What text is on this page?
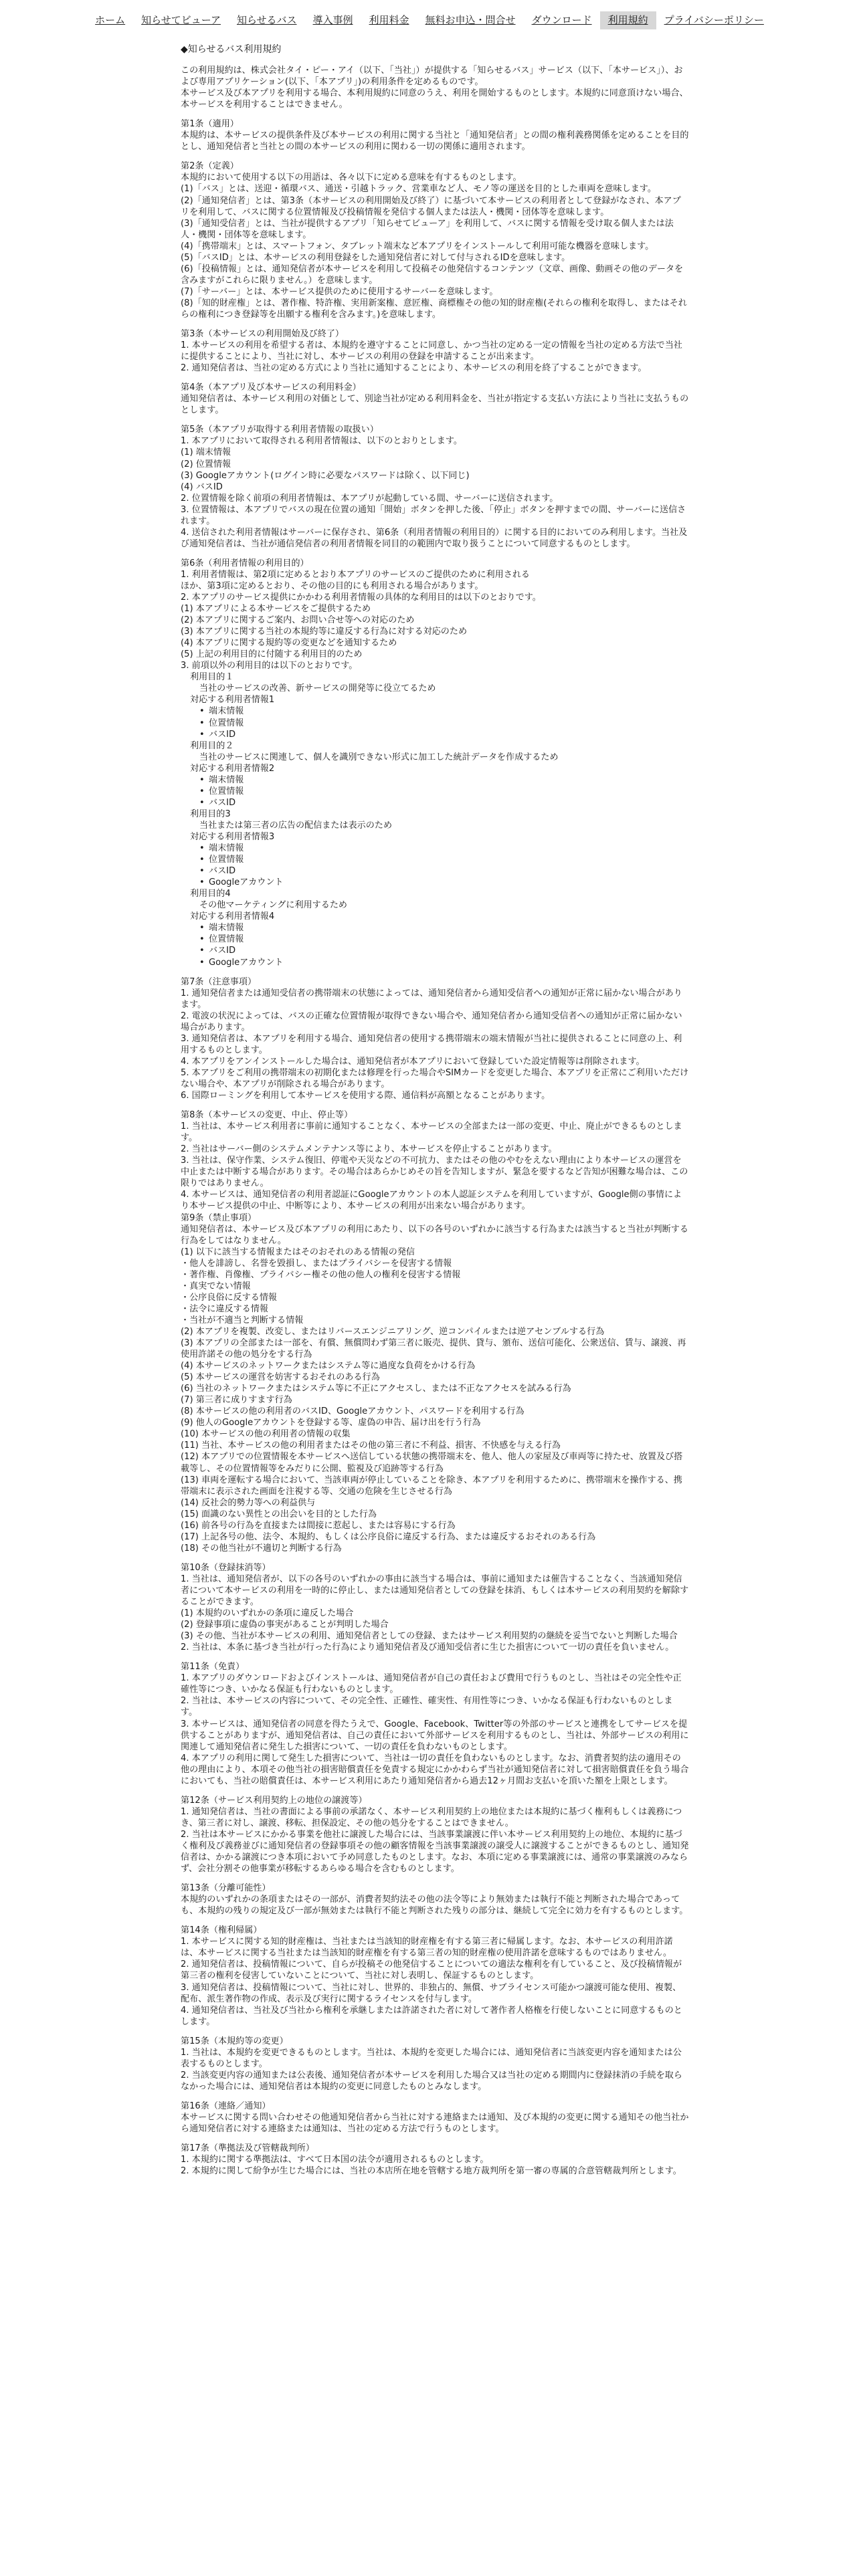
ホーム	知らせてビューア	知らせるバス	導入事例	利用料金	無料お申込・問合せ	ダウンロード	利用規約	プライバシーポリシー

◆知らせるバス利用規約

この利用規約は、株式会社タイ・ピー・アイ（以下、「当社」）が提供する「知らせるバス」サービス（以下、「本サービス」）、および専用アプリケーション(以下、「本アプリ」)の利用条件を定めるものです。

本サービス及び本アプリを利用する場合、本利用規約に同意のうえ、利用を開始するものとします。本規約に同意頂けない場合、本サービスを利用することはできません。

第1条（適用）

本規約は、本サービスの提供条件及び本サービスの利用に関する当社と「通知発信者」との間の権利義務関係を定めることを目的とし、通知発信者と当社との間の本サービスの利用に関わる一切の関係に適用されます。

第2条（定義）

本規約において使用する以下の用語は、各々以下に定める意味を有するものとします。

(1)「バス」とは、送迎・循環バス、通送・引越トラック、営業車など人、モノ等の運送を目的とした車両を意味します。

(2)「通知発信者」とは、第3条（本サービスの利用開始及び終了）に基づいて本サービスの利用者として登録がなされ、本アプリを利用して、バスに関する位置情報及び投稿情報を発信する個人または法人・機関・団体等を意味します。

(3)「通知受信者」とは、当社が提供するアプリ「知らせてビューア」を利用して、バスに関する情報を受け取る個人または法人・機関・団体等を意味します。

(4)「携帯端末」とは、スマートフォン、タブレット端末など本アプリをインストールして利用可能な機器を意味します。

(5)「バスID」とは、本サービスの利用登録をした通知発信者に対して付与されるIDを意味します。

(6)「投稿情報」とは、通知発信者が本サービスを利用して投稿その他発信するコンテンツ（文章、画像、動画その他のデータを含みますがこれらに限りません。）を意味します。

(7)「サーバー」とは、本サービス提供のために使用するサーバーを意味します。

(8)「知的財産権」とは、著作権、特許権、実用新案権、意匠権、商標権その他の知的財産権(それらの権利を取得し、またはそれらの権利につき登録等を出願する権利を含みます。)を意味します。

第3条（本サービスの利用開始及び終了）

1. 本サービスの利用を希望する者は、本規約を遵守することに同意し、かつ当社の定める一定の情報を当社の定める方法で当社に提供することにより、当社に対し、本サービスの利用の登録を申請することが出来ます。

2. 通知発信者は、当社の定める方式により当社に通知することにより、本サービスの利用を終了することができます。

第4条（本アプリ及び本サービスの利用料金）

通知発信者は、本サービス利用の対価として、別途当社が定める利用料金を、当社が指定する支払い方法により当社に支払うものとします。

第5条（本アプリが取得する利用者情報の取扱い）

1. 本アプリにおいて取得される利用者情報は、以下のとおりとします。

(1) 端末情報

(2) 位置情報

(3) Googleアカウント(ログイン時に必要なパスワードは除く、以下同じ)

(4) バスID

2. 位置情報を除く前項の利用者情報は、本アプリが起動している間、サーバーに送信されます。

3. 位置情報は、本アプリでバスの現在位置の通知「開始」ボタンを押した後、「停止」ボタンを押すまでの間、サーバーに送信されます。

4. 送信された利用者情報はサーバーに保存され、第6条（利用者情報の利用目的）に関する目的においてのみ利用します。当社及び通知発信者は、当社が通信発信者の利用者情報を同目的の範囲内で取り扱うことについて同意するものとします。

第6条（利用者情報の利用目的）

1. 利用者情報は、第2項に定めるとおり本アプリのサービスのご提供のために利用される

ほか、第3項に定めるとおり、その他の目的にも利用される場合があります。

2. 本アプリのサービス提供にかかわる利用者情報の具体的な利用目的は以下のとおりです。

(1) 本アプリによる本サービスをご提供するため

(2) 本アプリに関するご案内、お問い合せ等への対応のため

(3) 本アプリに関する当社の本規約等に違反する行為に対する対応のため

(4) 本アプリに関する規約等の変更などを通知するため

(5) 上記の利用目的に付随する利用目的のため

3. 前項以外の利用目的は以下のとおりです。

利用目的１

当社のサービスの改善、新サービスの開発等に役立てるため

対応する利用者情報1

• 端末情報

• 位置情報

• バスID

利用目的２

当社のサービスに関連して、個人を識別できない形式に加工した統計データを作成するため

対応する利用者情報2

• 端末情報

• 位置情報

• バスID

利用目的3

当社または第三者の広告の配信または表示のため

対応する利用者情報3

• 端末情報

• 位置情報

• バスID

• Googleアカウント

利用目的4

その他マーケティングに利用するため

対応する利用者情報4

• 端末情報

• 位置情報

• バスID

• Googleアカウント

第7条（注意事項）

1. 通知発信者または通知受信者の携帯端末の状態によっては、通知発信者から通知受信者への通知が正常に届かない場合があります。

2. 電波の状況によっては、バスの正確な位置情報が取得できない場合や、通知発信者から通知受信者への通知が正常に届かない場合があります。

3. 通知発信者は、本アプリを利用する場合、通知発信者の使用する携帯端末の端末情報が当社に提供されることに同意の上、利用するものとします。

4. 本アプリをアンインストールした場合は、通知発信者が本アプリにおいて登録していた設定情報等は削除されます。

5. 本アプリをご利用の携帯端末の初期化または修理を行った場合やSIMカードを変更した場合、本アプリを正常にご利用いただけない場合や、本アプリが削除される場合があります。

6. 国際ローミングを利用して本サービスを使用する際、通信料が高額となることがあります。

第8条（本サービスの変更、中止、停止等）

1. 当社は、本サービス利用者に事前に通知することなく、本サービスの全部または一部の変更、中止、廃止ができるものとします。

2. 当社はサーバー側のシステムメンテナンス等により、本サービスを停止することがあります。

3. 当社は、保守作業、システム復旧、停電や天災などの不可抗力、またはその他のやむをえない理由により本サービスの運営を中止または中断する場合があります。その場合はあらかじめその旨を告知しますが、緊急を要するなど告知が困難な場合は、この限りではありません。

4. 本サービスは、通知発信者の利用者認証にGoogleアカウントの本人認証システムを利用していますが、Google側の事情により本サービス提供の中止、中断等により、本サービスの利用が出来ない場合があります。

第9条（禁止事項）

通知発信者は、本サービス及び本アプリの利用にあたり、以下の各号のいずれかに該当する行為または該当すると当社が判断する行為をしてはなりません。

(1) 以下に該当する情報またはそのおそれのある情報の発信

・他人を誹謗し、名誉を毀損し、またはプライバシーを侵害する情報

・著作権、肖像権、プライバシー権その他の他人の権利を侵害する情報

・真実でない情報

・公序良俗に反する情報

・法令に違反する情報

・当社が不適当と判断する情報

(2) 本アプリを複製、改変し、またはリバースエンジニアリング、逆コンパイルまたは逆アセンブルする行為

(3) 本アプリの全部または一部を、有償、無償問わず第三者に販売、提供、貸与、頒布、送信可能化、公衆送信、賃与、譲渡、再使用許諾その他の処分をする行為

(4) 本サービスのネットワークまたはシステム等に過度な負荷をかける行為

(5) 本サービスの運営を妨害するおそれのある行為

(6) 当社のネットワークまたはシステム等に不正にアクセスし、または不正なアクセスを試みる行為

(7) 第三者に成りすます行為

(8) 本サービスの他の利用者のバスID、Googleアカウント、パスワードを利用する行為

(9) 他人のGoogleアカウントを登録する等、虚偽の申告、届け出を行う行為

(10) 本サービスの他の利用者の情報の収集

(11) 当社、本サービスの他の利用者またはその他の第三者に不利益、損害、不快感を与える行為

(12) 本アプリでの位置情報を本サービスへ送信している状態の携帯端末を、他人、他人の家屋及び車両等に持たせ、放置及び搭載等し、その位置情報等をみだりに公開、監視及び追跡等する行為

(13) 車両を運転する場合において、当該車両が停止していることを除き、本アプリを利用するために、携帯端末を操作する、携帯端末に表示された画面を注視する等、交通の危険を生じさせる行為

(14) 反社会的勢力等への利益供与

(15) 面識のない異性との出会いを目的とした行為

(16) 前各号の行為を直接または間接に惹起し、または容易にする行為

(17) 上記各号の他、法令、本規約、もしくは公序良俗に違反する行為、または違反するおそれのある行為

(18) その他当社が不適切と判断する行為

第10条（登録抹消等）

1. 当社は、通知発信者が、以下の各号のいずれかの事由に該当する場合は、事前に通知または催告することなく、当該通知発信者について本サービスの利用を一時的に停止し、または通知発信者としての登録を抹消、もしくは本サービスの利用契約を解除することができます。

(1) 本規約のいずれかの条項に違反した場合

(2) 登録事項に虚偽の事実があることが判明した場合

(3) その他、当社が本サービスの利用、通知発信者としての登録、またはサービス利用契約の継続を妥当でないと判断した場合

2. 当社は、本条に基づき当社が行った行為により通知発信者及び通知受信者に生じた損害について一切の責任を負いません。

第11条（免責）

1. 本アプリのダウンロードおよびインストールは、通知発信者が自己の責任および費用で行うものとし、当社はその完全性や正確性等につき、いかなる保証も行わないものとします。

2. 当社は、本サービスの内容について、その完全性、正確性、確実性、有用性等につき、いかなる保証も行わないものとします。

3. 本サービスは、通知発信者の同意を得たうえで、Google、Facebook、Twitter等の外部のサービスと連携をしてサービスを提供することがありますが、通知発信者は、自己の責任において外部サービスを利用するものとし、当社は、外部サービスの利用に関連して通知発信者に発生した損害について、一切の責任を負わないものとします。

4. 本アプリの利用に関して発生した損害について、当社は一切の責任を負わないものとします。なお、消費者契約法の適用その他の理由により、本項その他当社の損害賠償責任を免責する規定にかかわらず当社が通知発信者に対して損害賠償責任を負う場合においても、当社の賠償責任は、本サービス利用にあたり通知発信者から過去12ヶ月間お支払いを頂いた額を上限とします。

第12条（サービス利用契約上の地位の譲渡等）

1. 通知発信者は、当社の書面による事前の承諾なく、本サービス利用契約上の地位または本規約に基づく権利もしくは義務につき、第三者に対し、譲渡、移転、担保設定、その他の処分をすることはできません。

2. 当社は本サービスにかかる事業を他社に譲渡した場合には、当該事業譲渡に伴い本サービス利用契約上の地位、本規約に基づく権利及び義務並びに通知発信者の登録事項その他の顧客情報を当該事業譲渡の譲受人に譲渡することができるものとし、通知発信者は、かかる譲渡につき本項において予め同意したものとします。なお、本項に定める事業譲渡には、通常の事業譲渡のみならず、会社分割その他事業が移転するあらゆる場合を含むものとします。

第13条（分離可能性）

本規約のいずれかの条項またはその一部が、消費者契約法その他の法令等により無効または執行不能と判断された場合であっても、本規約の残りの規定及び一部が無効または執行不能と判断された残りの部分は、継続して完全に効力を有するものとします。

第14条（権利帰属）

1. 本サービスに関する知的財産権は、当社または当該知的財産権を有する第三者に帰属します。なお、本サービスの利用許諾は、本サービスに関する当社または当該知的財産権を有する第三者の知的財産権の使用許諾を意味するものではありません。

2. 通知発信者は、投稿情報について、自らが投稿その他発信することについての適法な権利を有していること、及び投稿情報が第三者の権利を侵害していないことについて、当社に対し表明し、保証するものとします。

3. 通知発信者は、投稿情報について、当社に対し、世界的、非独占的、無償、サブライセンス可能かつ譲渡可能な使用、複製、配布、派生著作物の作成、表示及び実行に関するライセンスを付与します。

4. 通知発信者は、当社及び当社から権利を承継しまたは許諾された者に対して著作者人格権を行使しないことに同意するものとします。

第15条（本規約等の変更）

1. 当社は、本規約を変更できるものとします。当社は、本規約を変更した場合には、通知発信者に当該変更内容を通知または公表するものとします。

2. 当該変更内容の通知または公表後、通知発信者が本サービスを利用した場合又は当社の定める期間内に登録抹消の手続を取らなかった場合には、通知発信者は本規約の変更に同意したものとみなします。

第16条（連絡／通知）

本サービスに関する問い合わせその他通知発信者から当社に対する連絡または通知、及び本規約の変更に関する通知その他当社から通知発信者に対する連絡または通知は、当社の定める方法で行うものとします。

第17条（準拠法及び管轄裁判所）

1. 本規約に関する準拠法は、すべて日本国の法令が適用されるものとします。

2. 本規約に関して紛争が生じた場合には、当社の本店所在地を管轄する地方裁判所を第一審の専属的合意管轄裁判所とします。
